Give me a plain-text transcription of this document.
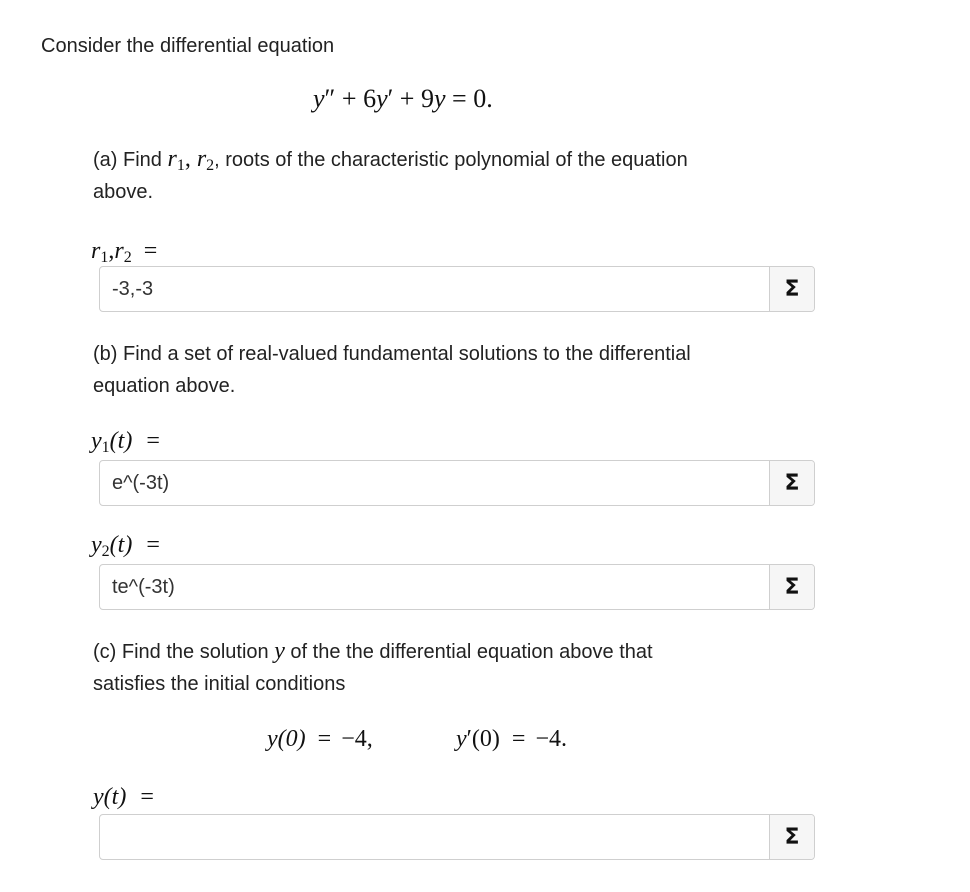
Consider the differential equation
y″ + 6y′ + 9y = 0.
(a) Find $r_1$, $r_2$, roots of the characteristic polynomial of the equation
above.
$r_1,r_2$ =
-3,-3
Σ
(b) Find a set of real-valued fundamental solutions to the differential
equation above.
$y_1(t)$ =
e^(-3t)
Σ
$y_2(t)$ =
te^(-3t)
Σ
(c) Find the solution y of the the differential equation above that
satisfies the initial conditions
y(0) = −4,	y′(0) = −4.
y(t) =
Σ
